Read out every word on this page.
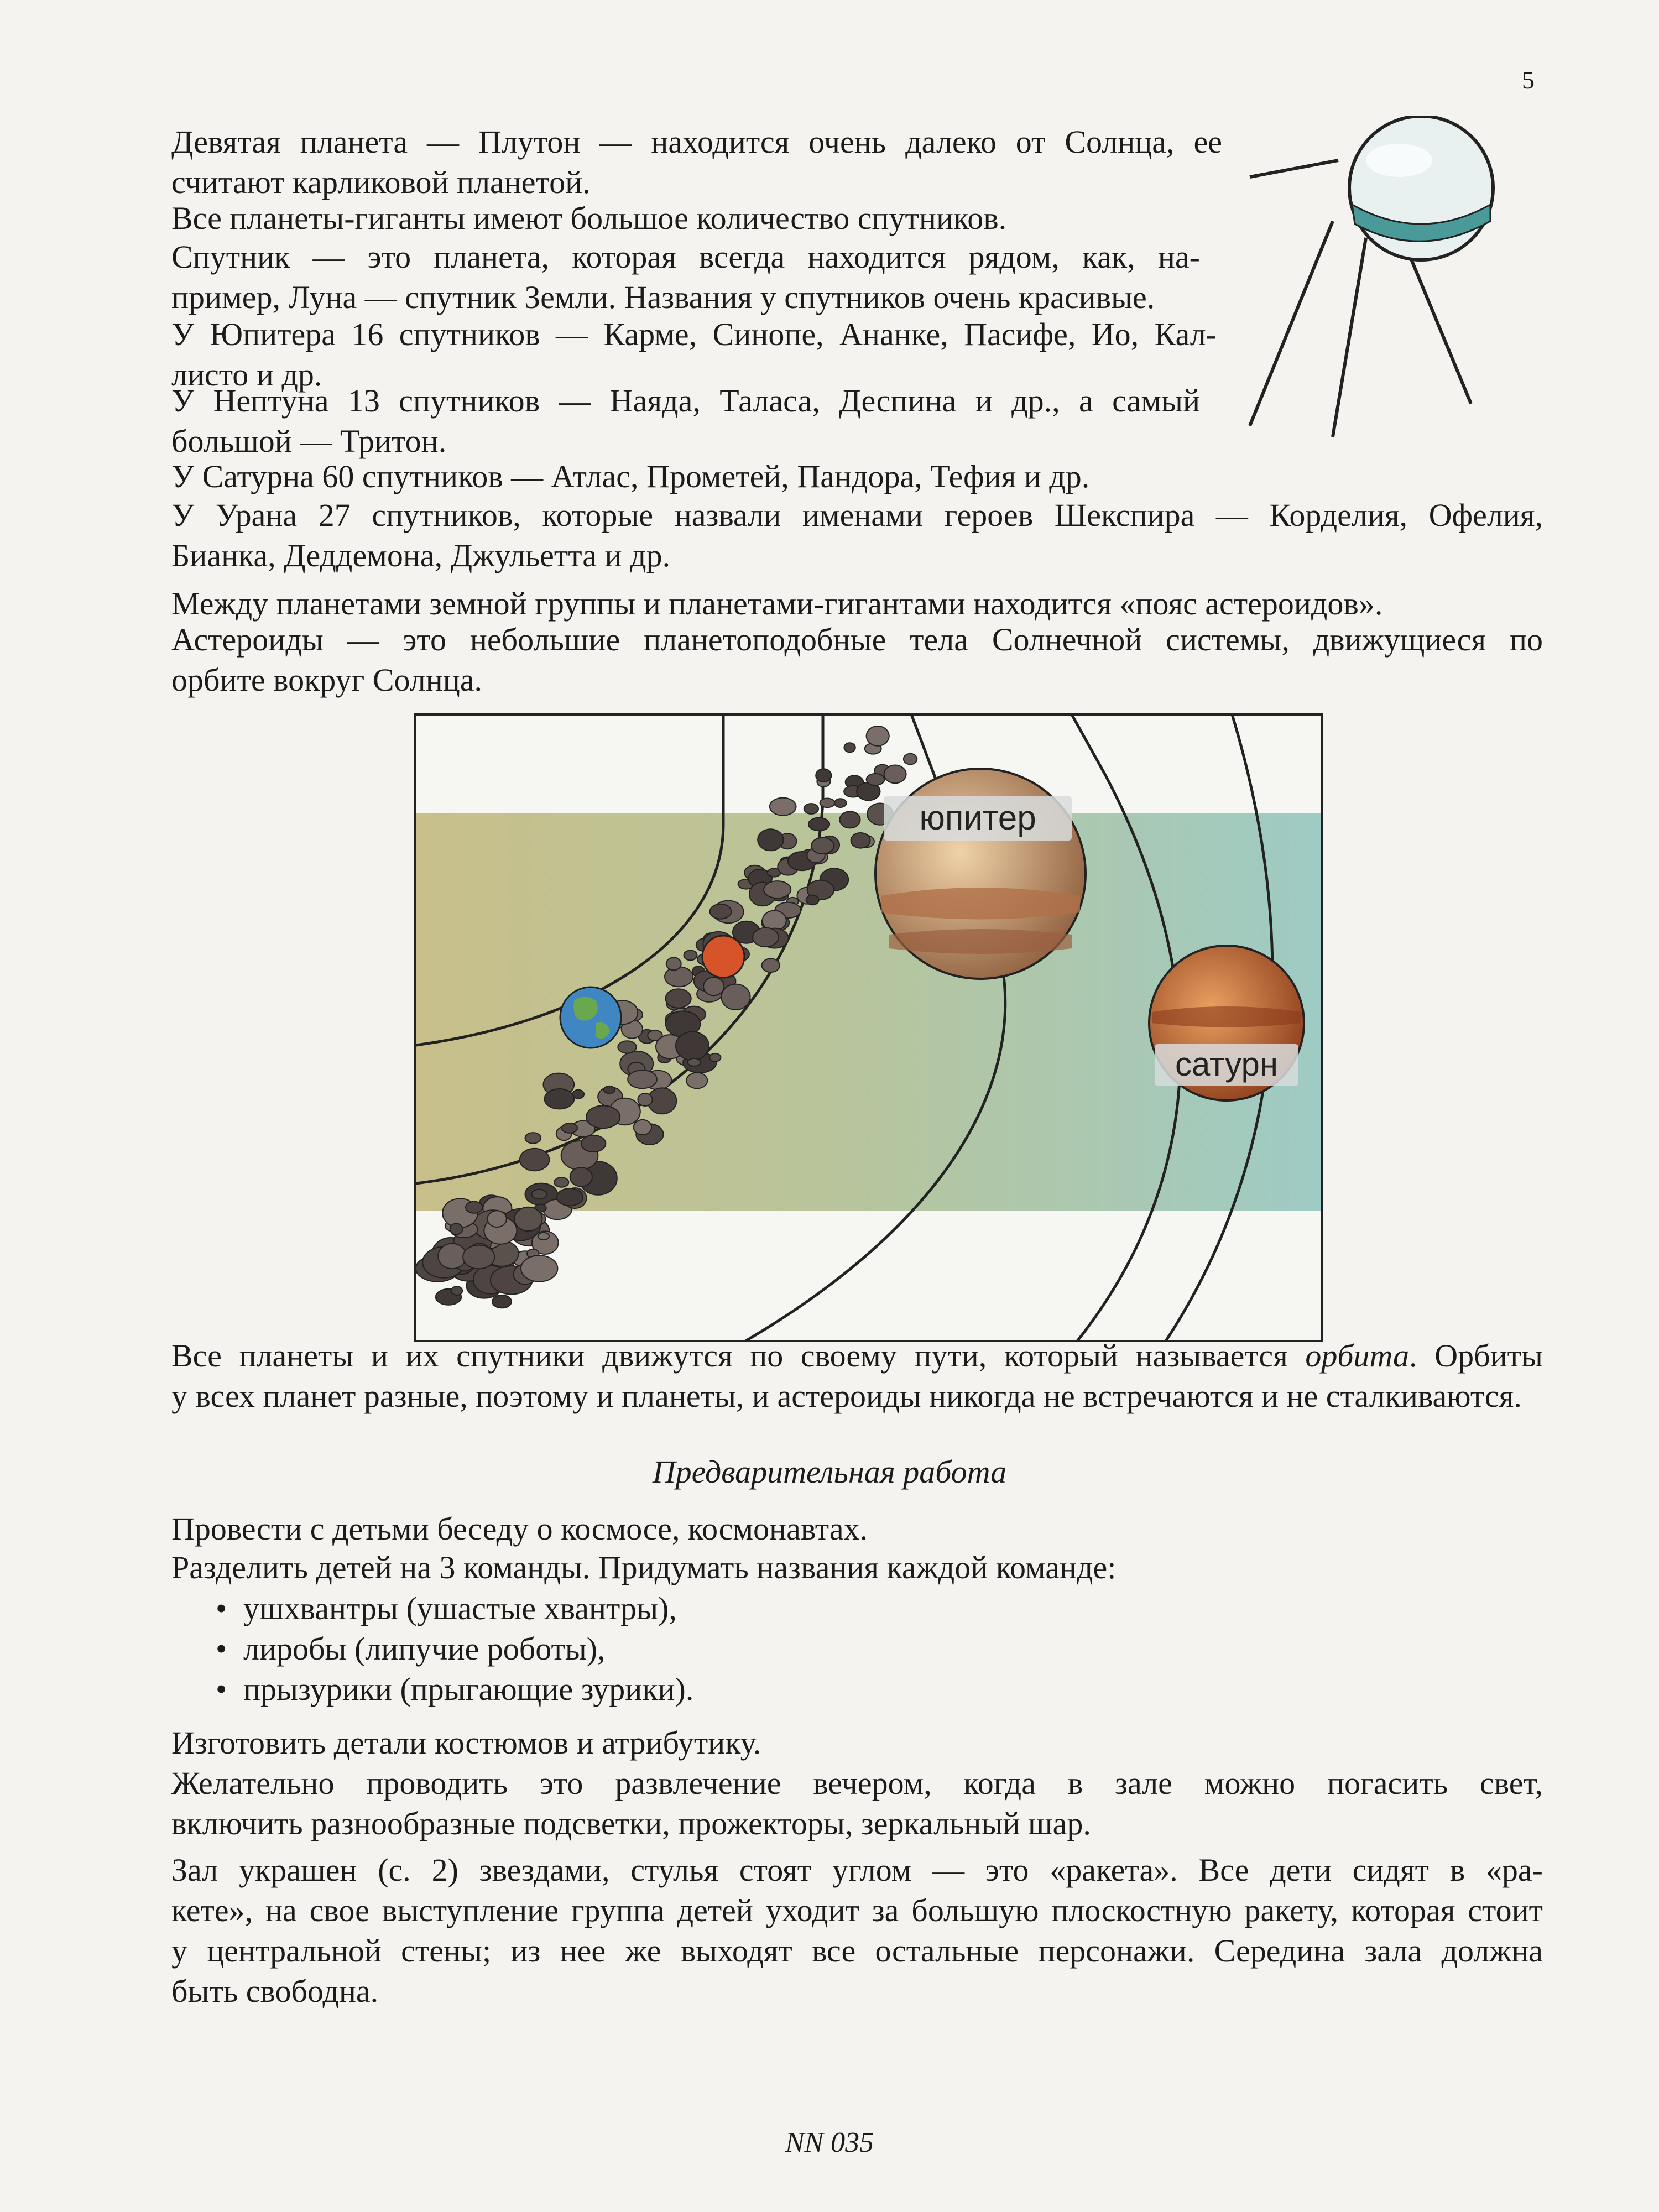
5
Девятая планета — Плутон — находится очень далеко от Солнца, ее
считают карликовой планетой.
Все планеты-гиганты имеют большое количество спутников.
Спутник — это планета, которая всегда находится рядом, как, на-
пример, Луна — спутник Земли. Названия у спутников очень красивые.
У Юпитера 16 спутников — Карме, Синопе, Ананке, Пасифе, Ио, Кал-
листо и др.
У Нептуна 13 спутников — Наяда, Таласа, Деспина и др., а самый
большой — Тритон.
У Сатурна 60 спутников — Атлас, Прометей, Пандора, Тефия и др.
У Урана 27 спутников, которые назвали именами героев Шекспира — Корделия, Офелия,
Бианка, Деддемона, Джульетта и др.
Между планетами земной группы и планетами-гигантами находится «пояс астероидов».
Астероиды — это небольшие планетоподобные тела Солнечной системы, движущиеся по
орбите вокруг Солнца.
юпитер
сатурн
Все планеты и их спутники движутся по своему пути, который называется орбита. Орбиты
у всех планет разные, поэтому и планеты, и астероиды никогда не встречаются и не сталкиваются.
Предварительная работа
Провести с детьми беседу о космосе, космонавтах.
Разделить детей на 3 команды. Придумать названия каждой команде:
• ушхвантры (ушастые хвантры),
• лиробы (липучие роботы),
• прызурики (прыгающие зурики).
Изготовить детали костюмов и атрибутику.
Желательно проводить это развлечение вечером, когда в зале можно погасить свет,
включить разнообразные подсветки, прожекторы, зеркальный шар.
Зал украшен (с. 2) звездами, стулья стоят углом — это «ракета». Все дети сидят в «ра-
кете», на свое выступление группа детей уходит за большую плоскостную ракету, которая стоит
у центральной стены; из нее же выходят все остальные персонажи. Середина зала должна
быть свободна.
NN 035
